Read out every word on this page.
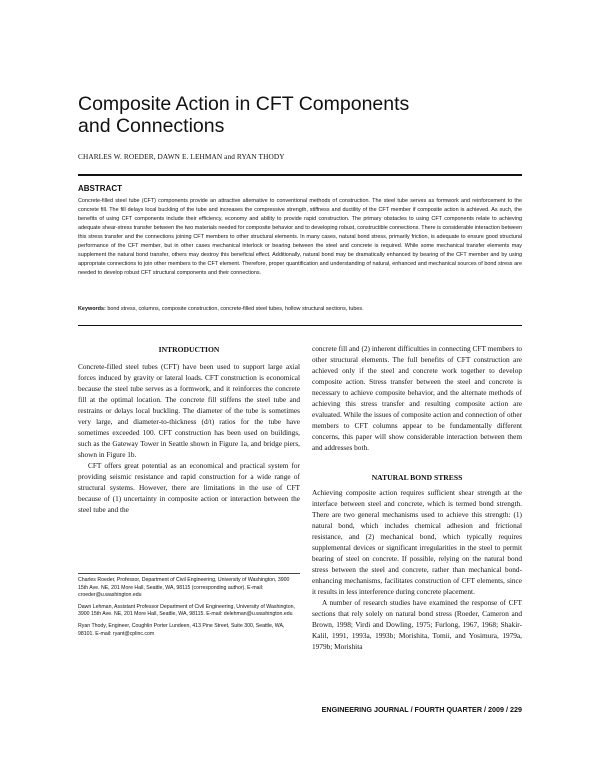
Composite Action in CFT Components
and Connections
CHARLES W. ROEDER, DAWN E. LEHMAN and RYAN THODY
ABSTRACT

Concrete-filled steel tube (CFT) components provide an attractive alternative to conventional methods of construction. The steel tube serves as formwork and reinforcement to the concrete fill. The fill delays local buckling of the tube and increases the compressive strength, stiffness and ductility of the CFT member if composite action is achieved. As such, the benefits of using CFT components include their efficiency, economy and ability to provide rapid construction. The primary obstacles to using CFT components relate to achieving adequate shear-stress transfer between the two materials needed for composite behavior and to developing robust, constructible connections. There is considerable interaction between this stress transfer and the connections joining CFT members to other structural elements. In many cases, natural bond stress, primarily friction, is adequate to ensure good structural performance of the CFT member, but in other cases mechanical interlock or bearing between the steel and concrete is required. While some mechanical transfer elements may supplement the natural bond transfer, others may destroy this beneficial effect. Additionally, natural bond may be dramatically enhanced by bearing of the CFT member and by using appropriate connections to join other members to the CFT element. Therefore, proper quantification and understanding of natural, enhanced and mechanical sources of bond stress are needed to develop robust CFT structural components and their connections.

Keywords: bond stress, columns, composite construction, concrete-filled steel tubes, hollow structural sections, tubes.
INTRODUCTION

Concrete-filled steel tubes (CFT) have been used to support large axial forces induced by gravity or lateral loads. CFT construction is economical because the steel tube serves as a formwork, and it reinforces the concrete fill at the optimal location. The concrete fill stiffens the steel tube and restrains or delays local buckling. The diameter of the tube is sometimes very large, and diameter-to-thickness (d/t) ratios for the tube have sometimes exceeded 100. CFT construction has been used on buildings, such as the Gateway Tower in Seattle shown in Figure 1a, and bridge piers, shown in Figure 1b.

CFT offers great potential as an economical and practical system for providing seismic resistance and rapid construction for a wide range of structural systems. However, there are limitations in the use of CFT because of (1) uncertainty in composite action or interaction between the steel tube and the

Charles Roeder, Professor, Department of Civil Engineering, University of Washington, 3900 15th Ave. NE, 201 More Hall, Seattle, WA, 98115 (corresponding author). E-mail: croeder@u.washington.edu

Dawn Lehman, Assistant Professor Department of Civil Engineering, University of Washington, 3900 15th Ave. NE, 201 More Hall, Seattle, WA, 98115. E-mail: delehman@u.washington.edu

Ryan Thody, Engineer, Coughlin Porter Lundeen, 413 Pine Street, Suite 300, Seattle, WA, 98101. E-mail: ryant@cplinc.com

concrete fill and (2) inherent difficulties in connecting CFT members to other structural elements. The full benefits of CFT construction are achieved only if the steel and concrete work together to develop composite action. Stress transfer between the steel and concrete is necessary to achieve composite behavior, and the alternate methods of achieving this stress transfer and resulting composite action are evaluated. While the issues of composite action and connection of other members to CFT columns appear to be fundamentally different concerns, this paper will show considerable interaction between them and addresses both.

NATURAL BOND STRESS

Achieving composite action requires sufficient shear strength at the interface between steel and concrete, which is termed bond strength. There are two general mechanisms used to achieve this strength: (1) natural bond, which includes chemical adhesion and frictional resistance, and (2) mechanical bond, which typically requires supplemental devices or significant irregularities in the steel to permit bearing of steel on concrete. If possible, relying on the natural bond stress between the steel and concrete, rather than mechanical bond-enhancing mechanisms, facilitates construction of CFT elements, since it results in less interference during concrete placement.

A number of research studies have examined the response of CFT sections that rely solely on natural bond stress (Roeder, Cameron and Brown, 1998; Virdi and Dowling, 1975; Furlong, 1967, 1968; Shakir-Kalil, 1991, 1993a, 1993b; Morishita, Tomii, and Yosimura, 1979a, 1979b; Morishita

ENGINEERING JOURNAL / FOURTH QUARTER / 2009 / 229
